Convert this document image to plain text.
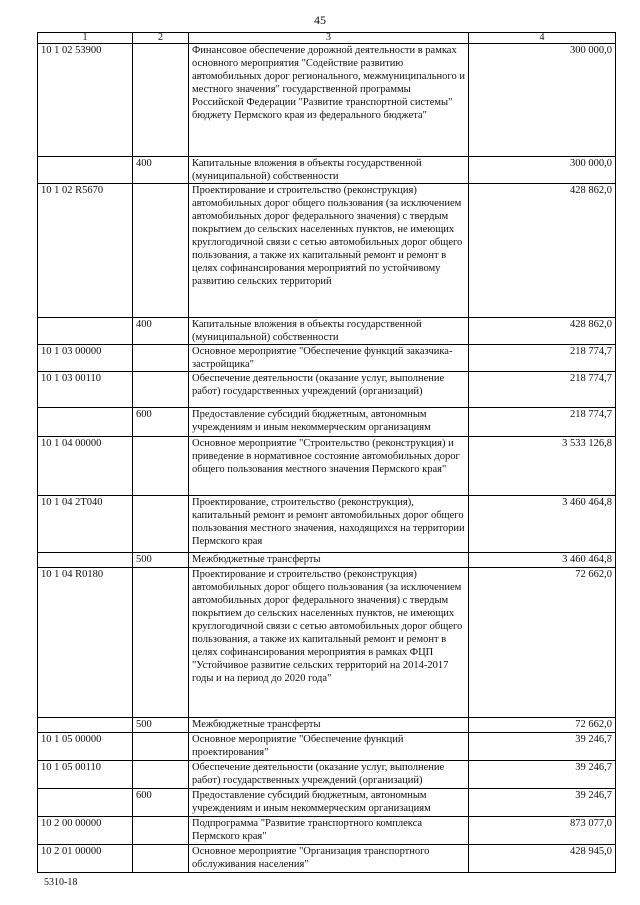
45
1	2	3	4
10 1 02 53900		Финансовое обеспечение дорожной деятельности в рамках основного мероприятия "Содействие развитию автомобильных дорог регионального, межмуниципального и местного значения" государственной программы Российской Федерации "Развитие транспортной системы" бюджету Пермского края из федерального бюджета"	300 000,0
	400	Капитальные вложения в объекты государственной (муниципальной) собственности	300 000,0
10 1 02 R5670		Проектирование и строительство (реконструкция) автомобильных дорог общего пользования (за исключением автомобильных дорог федерального значения) с твердым покрытием до сельских населенных пунктов, не имеющих круглогодичной связи с сетью автомобильных дорог общего пользования, а также их капитальный ремонт и ремонт в целях софинансирования мероприятий по устойчивому развитию сельских территорий	428 862,0
	400	Капитальные вложения в объекты государственной (муниципальной) собственности	428 862,0
10 1 03 00000		Основное мероприятие "Обеспечение функций заказчика-застройщика"	218 774,7
10 1 03 00110		Обеспечение деятельности (оказание услуг, выполнение работ) государственных учреждений (организаций)	218 774,7
	600	Предоставление субсидий бюджетным, автономным учреждениям и иным некоммерческим организациям	218 774,7
10 1 04 00000		Основное мероприятие "Строительство (реконструкция) и приведение в нормативное состояние автомобильных дорог общего пользования местного значения Пермского края"	3 533 126,8
10 1 04 2Т040		Проектирование, строительство (реконструкция), капитальный ремонт и ремонт автомобильных дорог общего пользования местного значения, находящихся на территории Пермского края	3 460 464,8
	500	Межбюджетные трансферты	3 460 464,8
10 1 04 R0180		Проектирование и строительство (реконструкция) автомобильных дорог общего пользования (за исключением автомобильных дорог федерального значения) с твердым покрытием до сельских населенных пунктов, не имеющих круглогодичной связи с сетью автомобильных дорог общего пользования, а также их капитальный ремонт и ремонт в целях софинансирования мероприятия в рамках ФЦП "Устойчивое развитие сельских территорий на 2014-2017 годы и на период до 2020 года"	72 662,0
	500	Межбюджетные трансферты	72 662,0
10 1 05 00000		Основное мероприятие "Обеспечение функций проектирования"	39 246,7
10 1 05 00110		Обеспечение деятельности (оказание услуг, выполнение работ) государственных учреждений (организаций)	39 246,7
	600	Предоставление субсидий бюджетным, автономным учреждениям и иным некоммерческим организациям	39 246,7
10 2 00 00000		Подпрограмма "Развитие транспортного комплекса Пермского края"	873 077,0
10 2 01 00000		Основное мероприятие "Организация транспортного обслуживания населения"	428 945,0
5310-18
